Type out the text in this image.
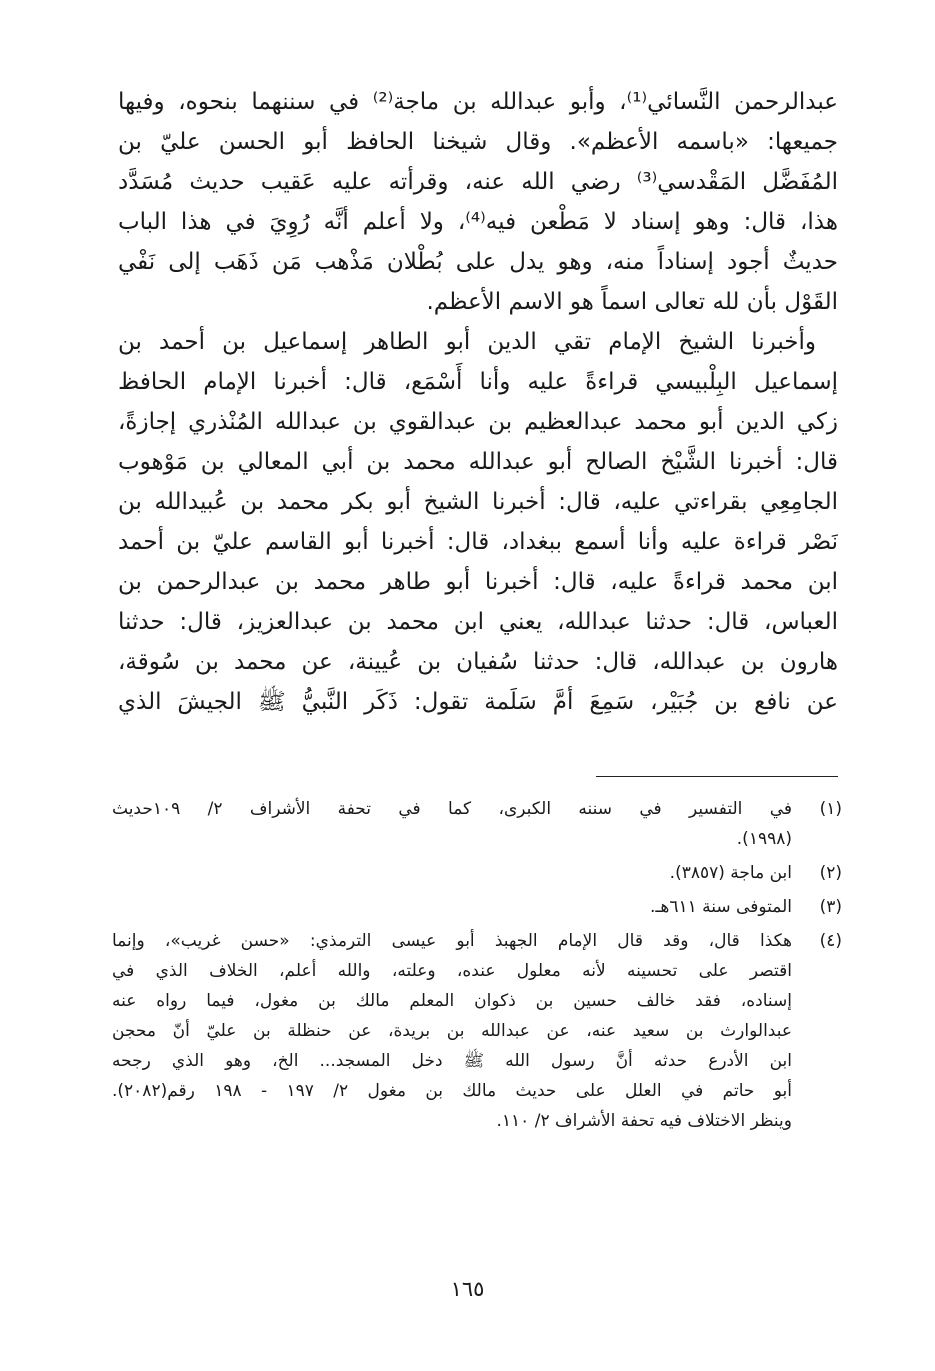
عبدالرحمن النَّسائي⁽¹⁾، وأبو عبدالله بن ماجة⁽²⁾ في سننهما بنحوه، وفيها
جميعها: «باسمه الأعظم». وقال شيخنا الحافظ أبو الحسن عليّ بن
المُفَضَّل المَقْدسي⁽³⁾ رضي الله عنه، وقرأته عليه عَقيب حديث مُسَدَّد
هذا، قال: وهو إسناد لا مَطْعن فيه⁽⁴⁾، ولا أعلم أنَّه رُوِيَ في هذا الباب
حديثٌ أجود إسناداً منه، وهو يدل على بُطْلان مَذْهب مَن ذَهَب إلى نَفْي
القَوْل بأن لله تعالى اسماً هو الاسم الأعظم.
وأخبرنا الشيخ الإمام تقي الدين أبو الطاهر إسماعيل بن أحمد بن
إسماعيل البِلْبيسي قراءةً عليه وأنا أَسْمَع، قال: أخبرنا الإمام الحافظ
زكي الدين أبو محمد عبدالعظيم بن عبدالقوي بن عبدالله المُنْذري إجازةً،
قال: أخبرنا الشَّيْخ الصالح أبو عبدالله محمد بن أبي المعالي بن مَوْهوب
الجامِعِي بقراءتي عليه، قال: أخبرنا الشيخ أبو بكر محمد بن عُبيدالله بن
نَصْر قراءة عليه وأنا أسمع ببغداد، قال: أخبرنا أبو القاسم عليّ بن أحمد
ابن محمد قراءةً عليه، قال: أخبرنا أبو طاهر محمد بن عبدالرحمن بن
العباس، قال: حدثنا عبدالله، يعني ابن محمد بن عبدالعزيز، قال: حدثنا
هارون بن عبدالله، قال: حدثنا سُفيان بن عُيينة، عن محمد بن سُوقة،
عن نافع بن جُبَيْر، سَمِعَ أمَّ سَلَمة تقول: ذَكَر النَّبيُّ ﷺ الجيشَ الذي
(١)
في التفسير في سننه الكبرى، كما في تحفة الأشراف ٢/ ١٠٩حديث
(١٩٩٨).
(٢)
ابن ماجة (٣٨٥٧).
(٣)
المتوفى سنة ٦١١هـ.
(٤)
هكذا قال، وقد قال الإمام الجهبذ أبو عيسى الترمذي: «حسن غريب»، وإنما
اقتصر على تحسينه لأنه معلول عنده، وعلته، والله أعلم، الخلاف الذي في
إسناده، فقد خالف حسين بن ذكوان المعلم مالك بن مغول، فيما رواه عنه
عبدالوارث بن سعيد عنه، عن عبدالله بن بريدة، عن حنظلة بن عليّ أنّ محجن
ابن الأدرع حدثه أنَّ رسول الله ﷺ دخل المسجد... الخ، وهو الذي رجحه
أبو حاتم في العلل على حديث مالك بن مغول ٢/ ١٩٧ - ١٩٨ رقم(٢٠٨٢).
وينظر الاختلاف فيه تحفة الأشراف ٢/ ١١٠.
١٦٥
